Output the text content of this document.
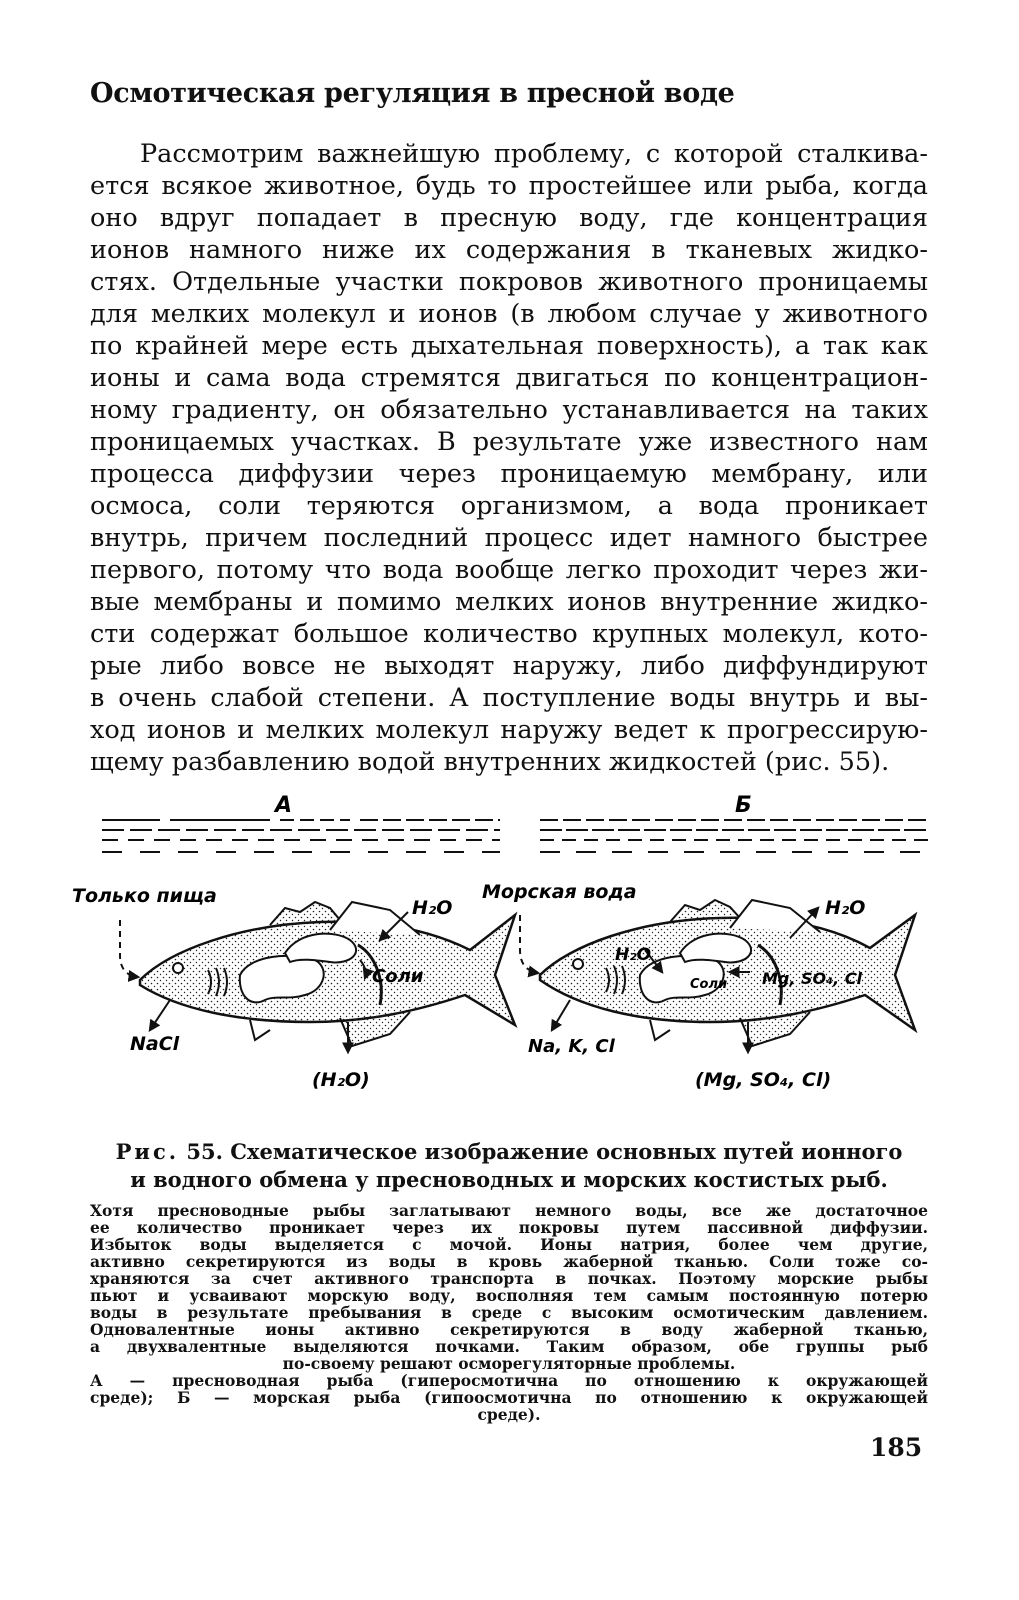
Осмотическая регуляция в пресной воде
Рассмотрим важнейшую проблему, с которой сталкива-
ется всякое животное, будь то простейшее или рыба, когда
оно вдруг попадает в пресную воду, где концентрация
ионов намного ниже их содержания в тканевых жидко-
стях. Отдельные участки покровов животного проницаемы
для мелких молекул и ионов (в любом случае у животного
по крайней мере есть дыхательная поверхность), а так как
ионы и сама вода стремятся двигаться по концентрацион-
ному градиенту, он обязательно устанавливается на таких
проницаемых участках. В результате уже известного нам
процесса диффузии через проницаемую мембрану, или
осмоса, соли теряются организмом, а вода проникает
внутрь, причем последний процесс идет намного быстрее
первого, потому что вода вообще легко проходит через жи-
вые мембраны и помимо мелких ионов внутренние жидко-
сти содержат большое количество крупных молекул, кото-
рые либо вовсе не выходят наружу, либо диффундируют
в очень слабой степени. А поступление воды внутрь и вы-
ход ионов и мелких молекул наружу ведет к прогрессирую-
щему разбавлению водой внутренних жидкостей (рис. 55).
А	Б
Только пища
H₂O
Соли
NaCl
(H₂O)
Морская вода
H₂O
H₂O
Соли Mg, SO₄, Cl
Na, K, Cl
(Mg, SO₄, Cl)

Рис. 55. Схематическое изображение основных путей ионного
и водного обмена у пресноводных и морских костистых рыб.

Хотя пресноводные рыбы заглатывают немного воды, все же достаточное
ее количество проникает через их покровы путем пассивной диффузии.
Избыток воды выделяется с мочой. Ионы натрия, более чем другие,
активно секретируются из воды в кровь жаберной тканью. Соли тоже со-
храняются за счет активного транспорта в почках. Поэтому морские рыбы
пьют и усваивают морскую воду, восполняя тем самым постоянную потерю
воды в результате пребывания в среде с высоким осмотическим давлением.
Одновалентные ионы активно секретируются в воду жаберной тканью,
а двухвалентные выделяются почками. Таким образом, обе группы рыб
по-своему решают осморегуляторные проблемы.
А — пресноводная рыба (гиперосмотична по отношению к окружающей
среде); Б — морская рыба (гипоосмотична по отношению к окружающей
среде).
185
